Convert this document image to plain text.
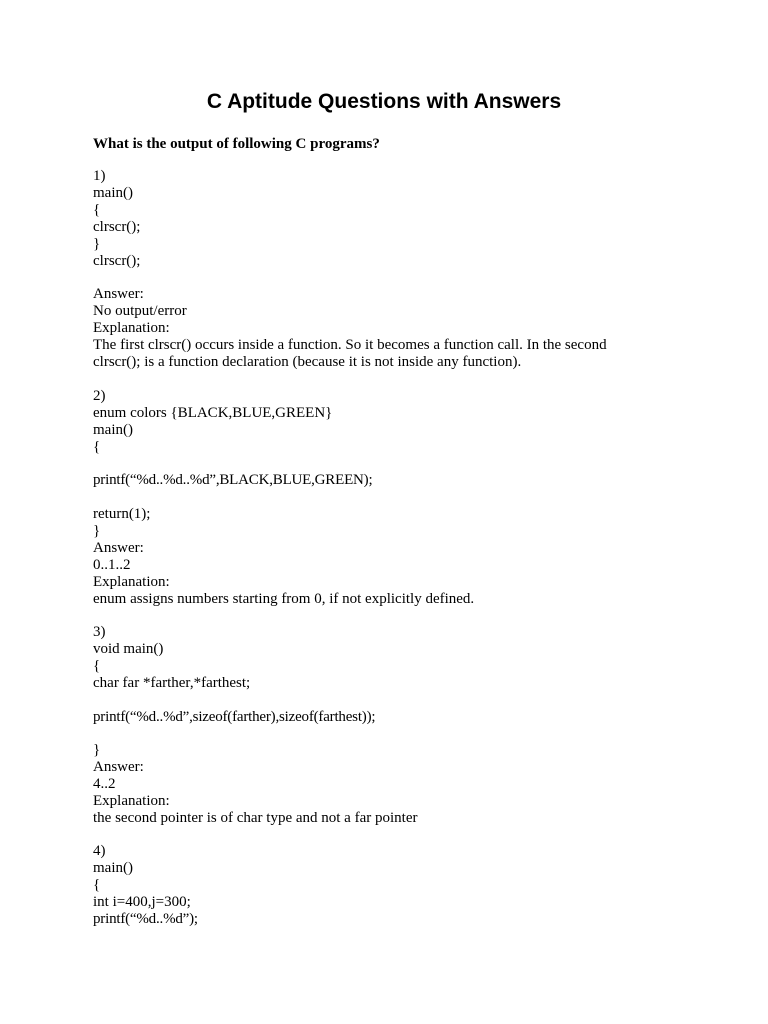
C Aptitude Questions with Answers

What is the output of following C programs?

1)

main()

{

clrscr();

}

clrscr();

Answer:

No output/error

Explanation:

The first clrscr() occurs inside a function. So it becomes a function call. In the second

clrscr(); is a function declaration (because it is not inside any function).

2)

enum colors {BLACK,BLUE,GREEN}

main()

{

printf(“%d..%d..%d”,BLACK,BLUE,GREEN);

return(1);

}

Answer:

0..1..2

Explanation:

enum assigns numbers starting from 0, if not explicitly defined.

3)

void main()

{

char far *farther,*farthest;

printf(“%d..%d”,sizeof(farther),sizeof(farthest));

}

Answer:

4..2

Explanation:

the second pointer is of char type and not a far pointer

4)

main()

{

int i=400,j=300;

printf(“%d..%d”);
